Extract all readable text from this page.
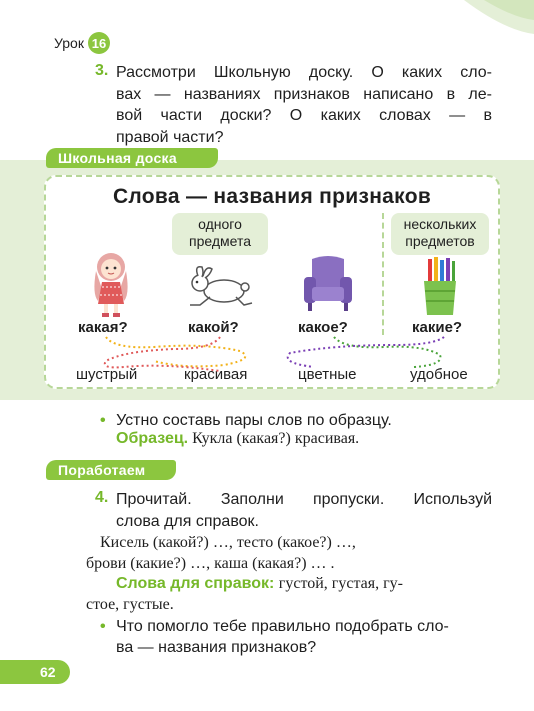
Урок 16
3. Рассмотри Школьную доску. О каких сло-
вах — названиях признаков написано в ле-
вой части доски? О каких словах — в
правой части?
Школьная доска
Слова — названия признаков
одного
предмета
нескольких
предметов
какая?	какой?	какое?	какие?
шустрый	красивая	цветные	удобное
• Устно составь пары слов по образцу.
Образец. Кукла (какая?) красивая.
Поработаем
4. Прочитай. Заполни пропуски. Используй
слова для справок.
Кисель (какой?) …, тесто (какое?) …,
брови (какие?) …, каша (какая?) … .
Слова для справок: густой, густая, гу-
стое, густые.
• Что помогло тебе правильно подобрать сло-
ва — названия признаков?
62
